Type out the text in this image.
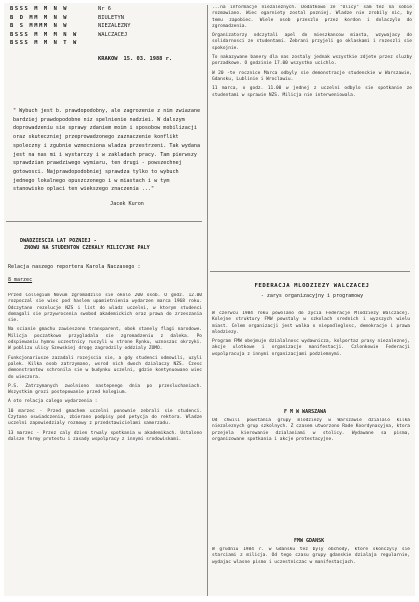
BSSS M M N W
B D MM M N W
B S MMMM N W
BSSS M M M N W
BSSS M M N T W
Nr 6
BIULETYN
NIEZALEZNY
WALCZACEJ
KRAKOW 15. 03. 1988 r.
" Wybuch jest b. prawdopodobny, ale zagrozenie z nim zwiazane bardziej prawdopodobne niz spelnienie nadziei. W dalszym doprowadzeniu sie sprawy zdaniem moim i sposobow mobilizacji oraz skuteczniej przeprowadzonego zaznaczenie konflikt spoleczny i zgubnie wzmocniona wladza przestrzeni. Tak wydana jest na nas mi i wystarczy i w zakladach pracy. Tam pierwszy sprawdzian prawdziwego wymiaru, ten drugi - powszechnej gotowosci. Najprawdopodobniej sprawdza tylko to wybuch jednego lokalnego opuszczonego i w miastach i w tym stanowisko oplaci ten wiekszego znaczenia ..."
Jacek Kuron
DWADZIESCIA LAT POZNIEJ -
ZNOWU NA STUDENTOW CZEKALY MILICYJNE PALY
Relacja naszego reportera Karola Naczasego :
8 marzec

Przed Collegium Novum zgromadzilo sie okolo 200 osob. O godz. 12.00 rozpoczal sie wiec pod haslem upamietnienia wydarzen marca 1968 roku. Odczytano rezolucje NZS i list do wladz uczelni, w ktorym studenci domagali sie przywrocenia swobod akademickich oraz prawa do zrzeszania sie.

Na scianie gmachu zawieszono transparent, obok stanely flagi narodowe. Milicja poczatkowo przygladala sie zgromadzeniu z daleka. Po odspiewaniu hymnu uczestnicy ruszyli w strone Rynku, wznoszac okrzyki. W poblizu ulicy Szewskiej drogę zagrodzily oddzialy ZOMO.

Funkcjonariusze zazadali rozejscia sie, a gdy studenci odmowili, uzyli palek. Kilka osob zatrzymano, wsrod nich dwoch dzialaczy NZS. Czesc demonstrantow schronila sie w budynku uczelni, gdzie kontynuowano wiec do wieczora.

P.S. Zatrzymanych zwolniono nastepnego dnia po przesluchaniach. Wszystkim grozi postepowanie przed kolegium.

A oto relacja calego wydarzenia :

10 marzec - Przed gmachem uczelni ponownie zebrali sie studenci. Czytano oswiadczenia, zbierano podpisy pod petycja do rektora. Wladze uczelni zapowiedzialy rozmowy z przedstawicielami samorzadu.

13 marzec - Przez caly dzien trwaly spotkania w akademikach. Ustalono dalsze formy protestu i zasady wspolpracy z innymi srodowiskami.

...na informacje niezaleznych. Dodatkowo ze "Ulicy" sam tez na sobie rozmawiano. Wiec ogarniety zostal pozniej. Wladze nie zrobily nic, by temu zapobiec. Wiele osob przeszlo przez kordon i dolaczylo do zgromadzenia.

Organizatorzy odczytali apel do mieszkancow miasta, wzywajacy do solidarnosci ze studentami. Zebrani przyjeli go oklaskami i rozeszli sie spokojnie.

To nakazywane banery dla nas zostaly jednak wszystkie zdjete przez sluzby porzadkowe. O godzinie 17.00 wszystko ucichlo.

W 20 -te rocznice Marca odbyly sie demonstracje studenckie w Warszawie, Gdansku, Lublinie i Wroclawiu.

11 marca, o godz. 11.00 w jednej z uczelni odbylo sie spotkanie ze studentami w sprawie NZS. Milicja nie interweniowala.

FEDERACJA MLODZIEZY WALCZACEJ
- zarys organizacyjny i programowy

W czerwcu 1984 roku powolano do zycia Federacje Mlodziezy Walczacej. Kolejne struktury FMW powstaly w szkolach srednich i wyzszych wielu miast. Celem organizacji jest walka o niepodleglosc, demokracje i prawa mlodziezy.

Program FMW obejmuje dzialalnosc wydawnicza, kolportaz prasy niezaleznej, akcje ulotkowe i organizacje manifestacji. Czlonkowie Federacji wspolpracuja z innymi organizacjami podziemnymi.

F M W WARSZAWA

Od chwili powstania grupy mlodziezy w Warszawie dzialalo kilka niezaleznych grup szkolnych. Z czasem utworzono Rade Koordynacyjna, ktora przejela kierowanie dzialaniami w stolicy. Wydawane sa pisma, organizowane spotkania i akcje protestacyjne.

FMW GDANSK

W grudniu 1984 r. w Gdansku tez byly obchody, ktore skonczyly sie starciami z milicja. Od tego czasu grupy gdanskie dzialaja regularnie, wydajac wlasne pismo i uczestniczac w manifestacjach.
